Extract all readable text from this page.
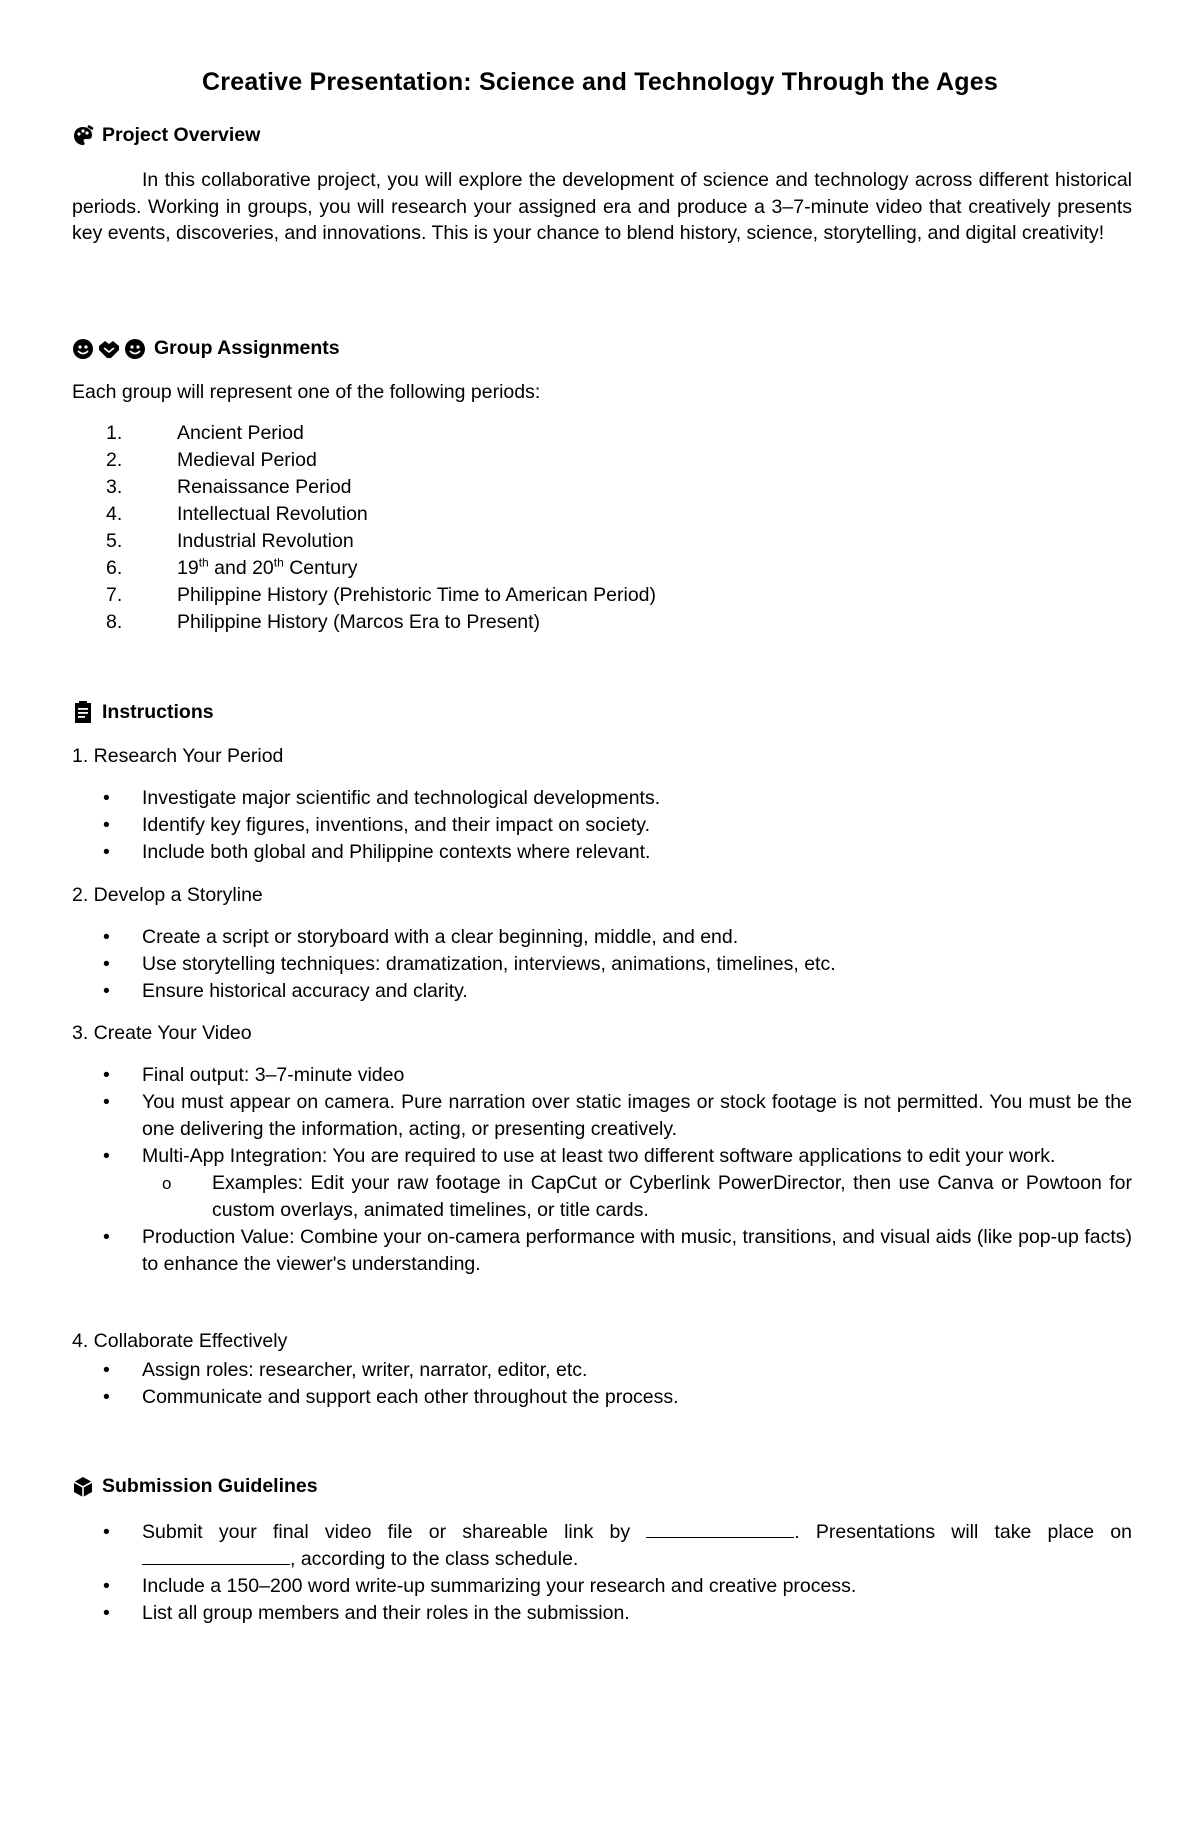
Creative Presentation: Science and Technology Through the Ages
Project Overview
In this collaborative project, you will explore the development of science and technology across different historical periods. Working in groups, you will research your assigned era and produce a 3–7-minute video that creatively presents key events, discoveries, and innovations. This is your chance to blend history, science, storytelling, and digital creativity!
Group Assignments
Each group will represent one of the following periods:
1.	Ancient Period
2.	Medieval Period
3.	Renaissance Period
4.	Intellectual Revolution
5.	Industrial Revolution
6.	19th and 20th Century
7.	Philippine History (Prehistoric Time to American Period)
8.	Philippine History (Marcos Era to Present)
Instructions
1. Research Your Period
• Investigate major scientific and technological developments.
• Identify key figures, inventions, and their impact on society.
• Include both global and Philippine contexts where relevant.
2. Develop a Storyline
• Create a script or storyboard with a clear beginning, middle, and end.
• Use storytelling techniques: dramatization, interviews, animations, timelines, etc.
• Ensure historical accuracy and clarity.
3. Create Your Video
• Final output: 3–7-minute video
• You must appear on camera. Pure narration over static images or stock footage is not permitted. You must be the one delivering the information, acting, or presenting creatively.
• Multi-App Integration: You are required to use at least two different software applications to edit your work.
o Examples: Edit your raw footage in CapCut or Cyberlink PowerDirector, then use Canva or Powtoon for custom overlays, animated timelines, or title cards.
• Production Value: Combine your on-camera performance with music, transitions, and visual aids (like pop-up facts) to enhance the viewer's understanding.
4. Collaborate Effectively
• Assign roles: researcher, writer, narrator, editor, etc.
• Communicate and support each other throughout the process.
Submission Guidelines
• Submit your final video file or shareable link by	. Presentations will take place on , according to the class schedule.
• Include a 150–200 word write-up summarizing your research and creative process.
• List all group members and their roles in the submission.
